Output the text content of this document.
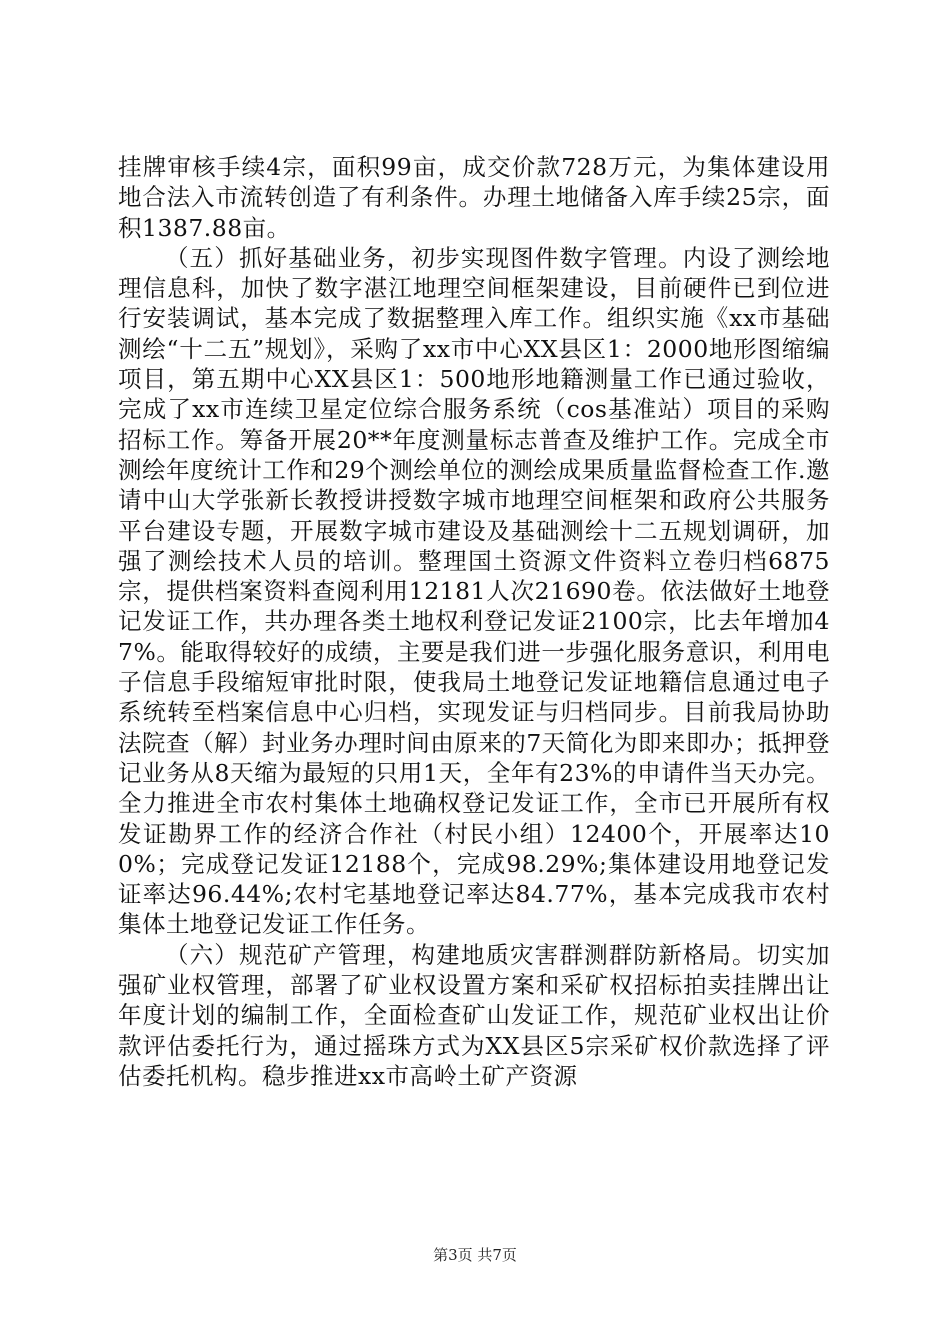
挂牌审核手续4宗，面积99亩，成交价款728万元，为集体建设用地合法入市流转创造了有利条件。办理土地储备入库手续25宗，面积1387.88亩。

（五）抓好基础业务，初步实现图件数字管理。内设了测绘地理信息科，加快了数字湛江地理空间框架建设，目前硬件已到位进行安装调试，基本完成了数据整理入库工作。组织实施《xx市基础测绘“十二五”规划》，采购了xx市中心XX县区1：2000地形图缩编项目，第五期中心XX县区1：500地形地籍测量工作已通过验收，完成了xx市连续卫星定位综合服务系统（cos基准站）项目的采购招标工作。筹备开展20**年度测量标志普查及维护工作。完成全市测绘年度统计工作和29个测绘单位的测绘成果质量监督检查工作.邀请中山大学张新长教授讲授数字城市地理空间框架和政府公共服务平台建设专题，开展数字城市建设及基础测绘十二五规划调研，加强了测绘技术人员的培训。整理国土资源文件资料立卷归档6875宗，提供档案资料查阅利用12181人次21690卷。依法做好土地登记发证工作，共办理各类土地权利登记发证2100宗，比去年增加47%。能取得较好的成绩，主要是我们进一步强化服务意识，利用电子信息手段缩短审批时限，使我局土地登记发证地籍信息通过电子系统转至档案信息中心归档，实现发证与归档同步。目前我局协助法院查（解）封业务办理时间由原来的7天简化为即来即办；抵押登记业务从8天缩为最短的只用1天，全年有23%的申请件当天办完。全力推进全市农村集体土地确权登记发证工作，全市已开展所有权发证勘界工作的经济合作社（村民小组）12400个，开展率达100%；完成登记发证12188个，完成98.29%;集体建设用地登记发证率达96.44%;农村宅基地登记率达84.77%，基本完成我市农村集体土地登记发证工作任务。

（六）规范矿产管理，构建地质灾害群测群防新格局。切实加强矿业权管理，部署了矿业权设置方案和采矿权招标拍卖挂牌出让年度计划的编制工作，全面检查矿山发证工作，规范矿业权出让价款评估委托行为，通过摇珠方式为XX县区5宗采矿权价款选择了评估委托机构。稳步推进xx市高岭土矿产资源

第3页 共7页
